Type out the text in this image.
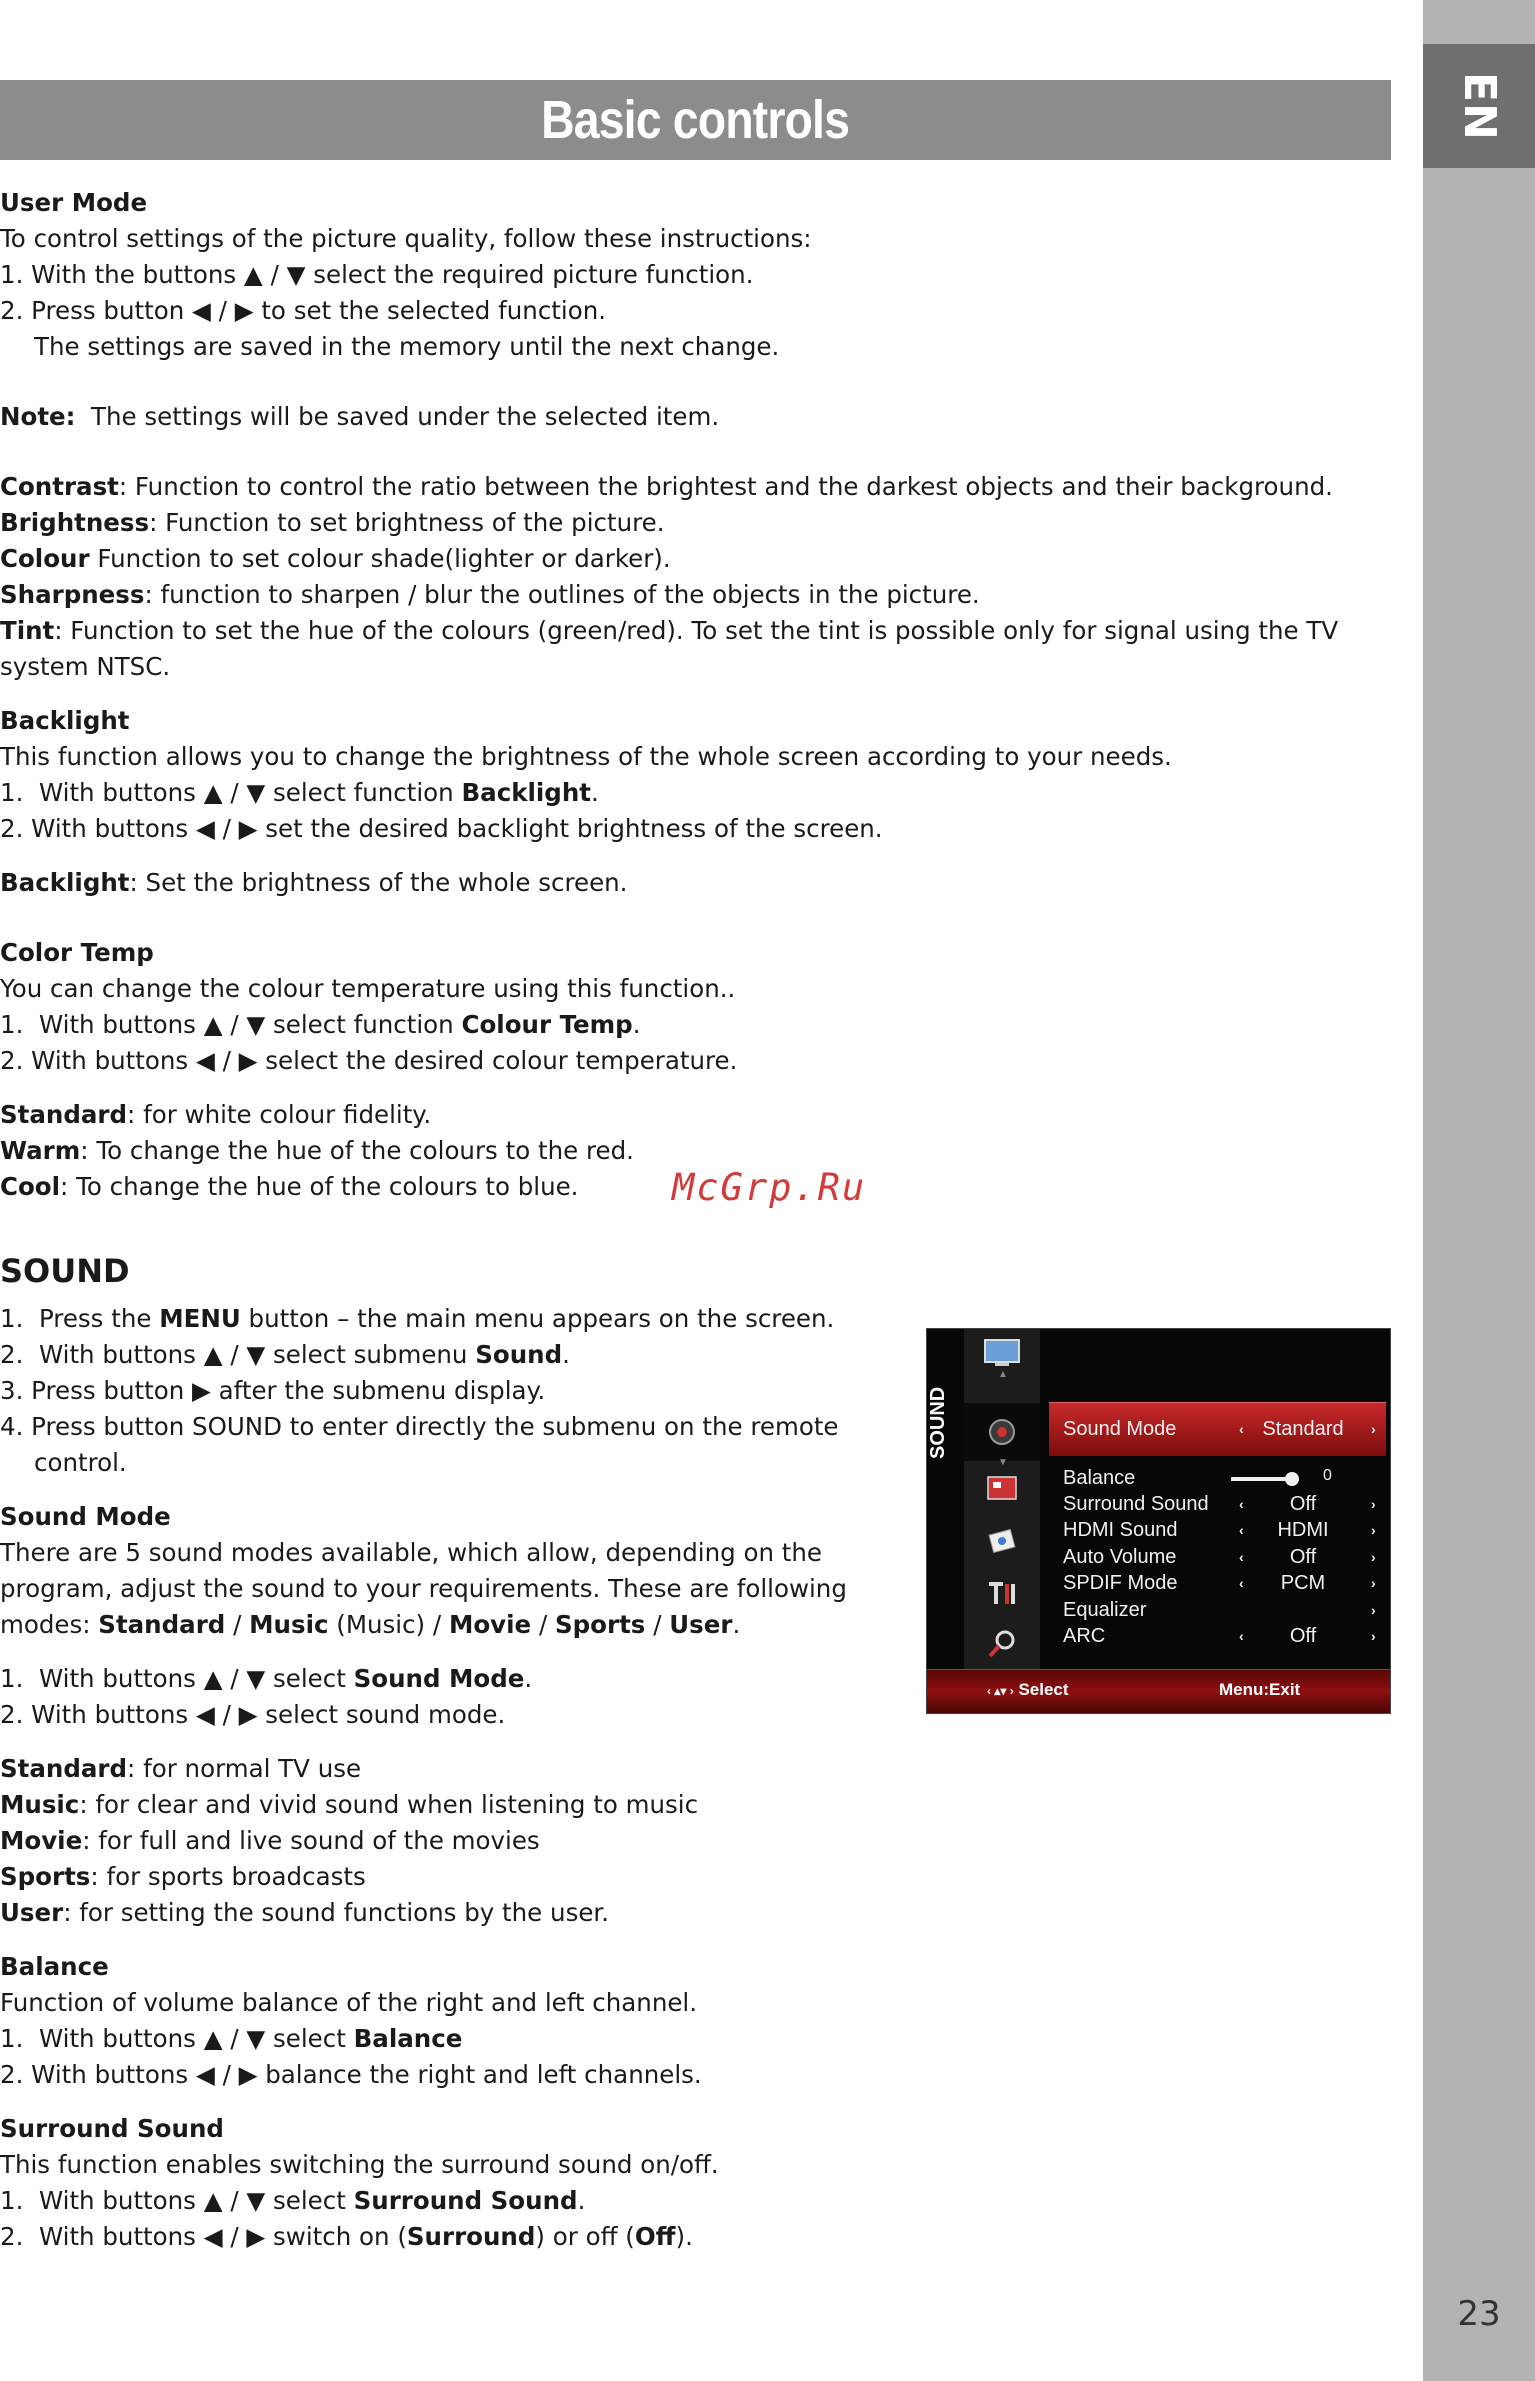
EN
23
Basic controls
McGrp.Ru

User Mode

To control settings of the picture quality, follow these instructions:

1. With the buttons ▲ / ▼ select the required picture function.

2. Press button ◀ / ▶ to set the selected function.

The settings are saved in the memory until the next change.

Note:  The settings will be saved under the selected item.

Contrast: Function to control the ratio between the brightest and the darkest objects and their background.

Brightness: Function to set brightness of the picture.

Colour Function to set colour shade(lighter or darker).

Sharpness: function to sharpen / blur the outlines of the objects in the picture.

Tint: Function to set the hue of the colours (green/red). To set the tint is possible only for signal using the TV

system NTSC.

Backlight

This function allows you to change the brightness of the whole screen according to your needs.

1.  With buttons ▲ / ▼ select function Backlight.

2. With buttons ◀ / ▶ set the desired backlight brightness of the screen.

Backlight: Set the brightness of the whole screen.

Color Temp

You can change the colour temperature using this function..

1.  With buttons ▲ / ▼ select function Colour Temp.

2. With buttons ◀ / ▶ select the desired colour temperature.

Standard: for white colour fidelity.

Warm: To change the hue of the colours to the red.

Cool: To change the hue of the colours to blue.

SOUND

1.  Press the MENU button – the main menu appears on the screen.

2.  With buttons ▲ / ▼ select submenu Sound.

3. Press button ▶ after the submenu display.

4. Press button SOUND to enter directly the submenu on the remote

control.

Sound Mode

There are 5 sound modes available, which allow, depending on the

program, adjust the sound to your requirements. These are following

modes: Standard / Music (Music) / Movie / Sports / User.

1.  With buttons ▲ / ▼ select Sound Mode.

2. With buttons ◀ / ▶ select sound mode.

Standard: for normal TV use

Music: for clear and vivid sound when listening to music

Movie: for full and live sound of the movies

Sports: for sports broadcasts

User: for setting the sound functions by the user.

Balance

Function of volume balance of the right and left channel.

1.  With buttons ▲ / ▼ select Balance

2. With buttons ◀ / ▶ balance the right and left channels.

Surround Sound

This function enables switching the surround sound on/off.

1.  With buttons ▲ / ▼ select Surround Sound.

2.  With buttons ◀ / ▶ switch on (Surround) or off (Off).

SOUND
▲
▼
Sound Mode	‹ Standard	›
Balance	0
Surround Sound ‹	Off	›
HDMI Sound	‹	HDMI	›
Auto Volume	‹	Off	›
SPDIF Mode	‹	PCM	›
Equalizer	›
ARC	‹	Off	›
‹ ▴▾ › Select	Menu:Exit
